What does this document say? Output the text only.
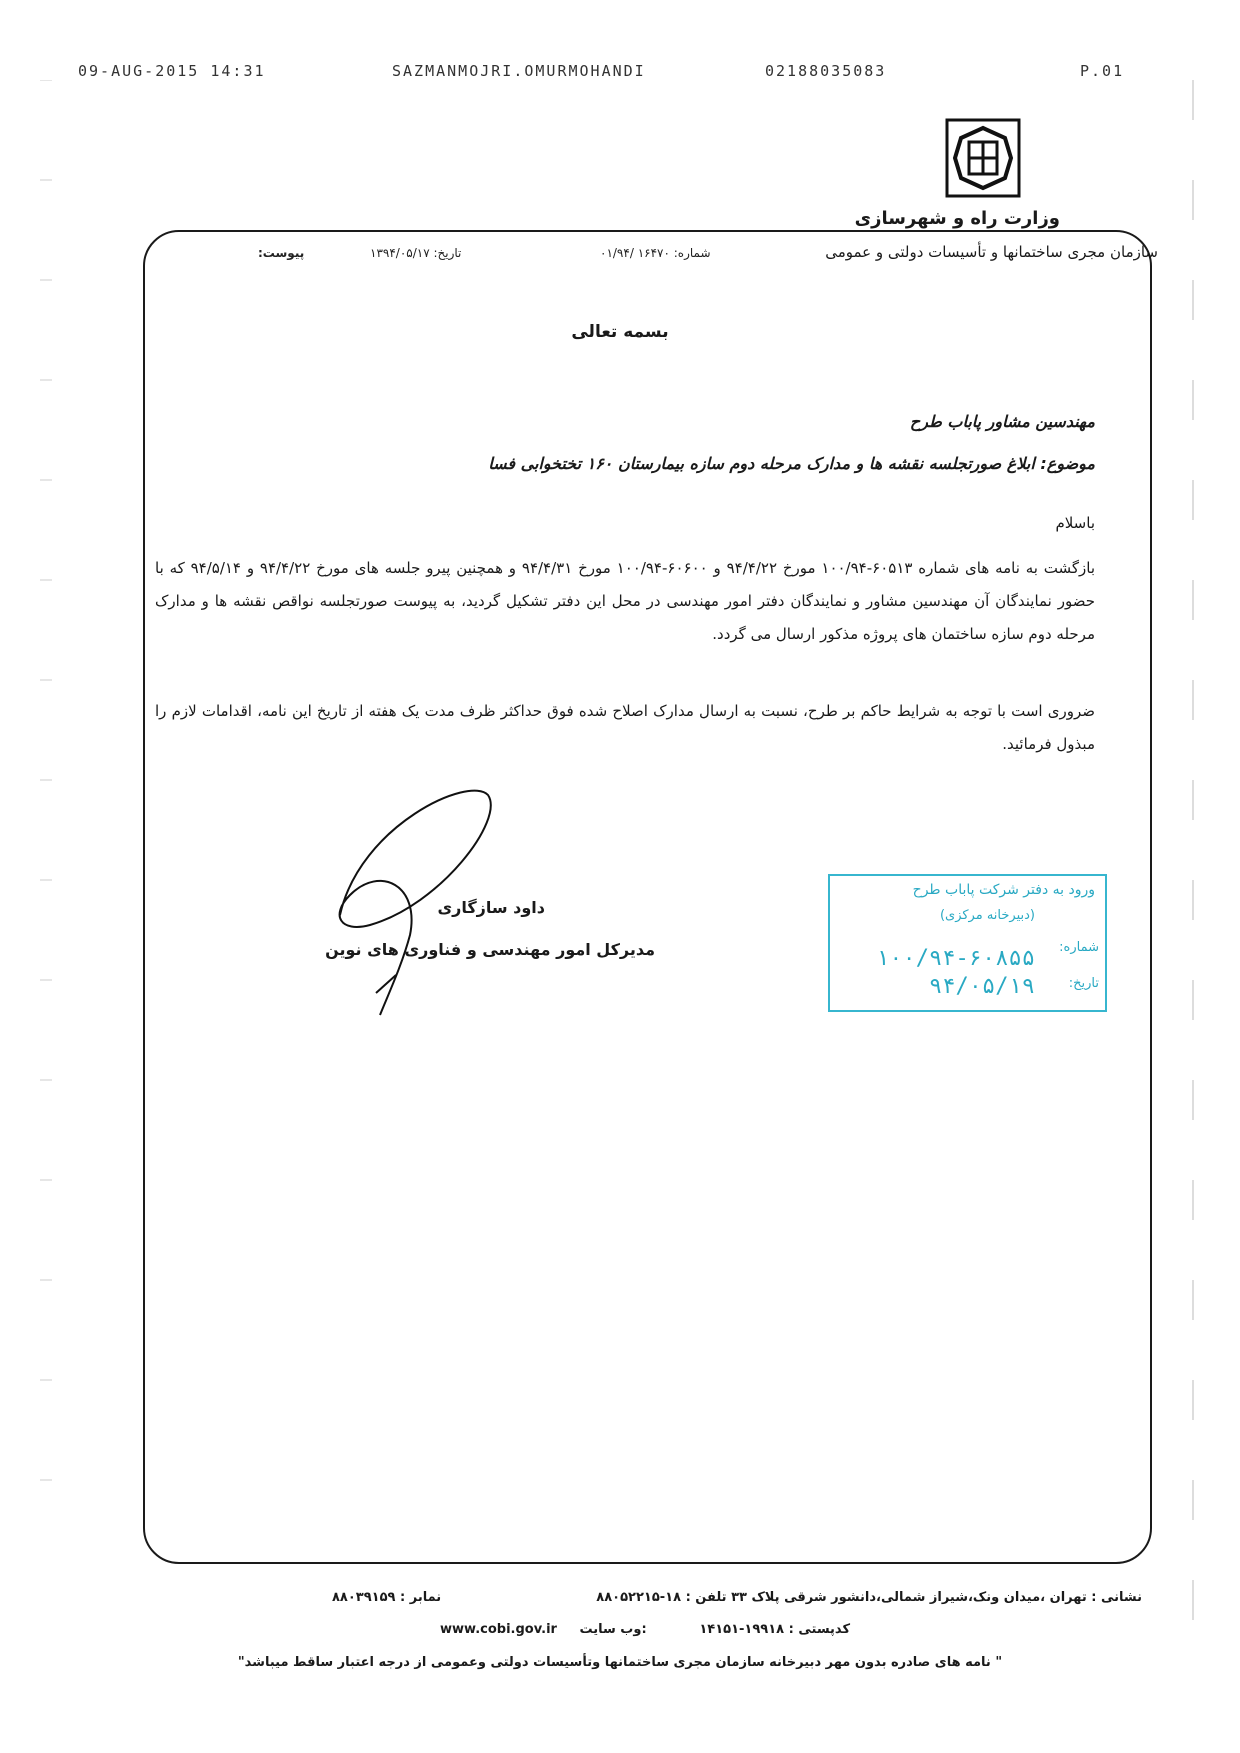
09-AUG-2015 14:31	SAZMANMOJRI.OMURMOHANDI	02188035083	P.01
وزارت راه و شهرسازی
سازمان مجری ساختمانها و تأسیسات دولتی و عمومی
شماره: ۱۶۴۷۰ /۰۱/۹۴
تاریخ: ۱۳۹۴/۰۵/۱۷
پیوست:
بسمه تعالی
مهندسین مشاور پاباب طرح
موضوع: ابلاغ صورتجلسه نقشه ها و مدارک مرحله دوم سازه بیمارستان ۱۶۰ تختخوابی فسا
باسلام
بازگشت به نامه های شماره ۶۰۵۱۳-۱۰۰/۹۴ مورخ ۹۴/۴/۲۲ و ۶۰۶۰۰-۱۰۰/۹۴ مورخ ۹۴/۴/۳۱ و همچنین پیرو جلسه های مورخ ۹۴/۴/۲۲ و ۹۴/۵/۱۴ که با حضور نمایندگان آن مهندسین مشاور و نمایندگان دفتر امور مهندسی در محل این دفتر تشکیل گردید، به پیوست صورتجلسه نواقص نقشه ها و مدارک مرحله دوم سازه ساختمان های پروژه مذکور ارسال می گردد.
ضروری است با توجه به شرایط حاکم بر طرح، نسبت به ارسال مدارک اصلاح شده فوق حداکثر ظرف مدت یک هفته از تاریخ این نامه، اقدامات لازم را مبذول فرمائید.
داود سازگاری
مدیرکل امور مهندسی و فناوری های نوین
ورود به دفتر شرکت پاباب طرح
(دبیرخانه مرکزی)
شماره:
۱۰۰/۹۴-۶۰۸۵۵
تاریخ:
۹۴/۰۵/۱۹
نشانی : تهران ،میدان ونک،شیراز شمالی،دانشور شرقی پلاک ۳۳ تلفن : ۱۸-۸۸۰۵۲۲۱۵
نمابر : ۸۸۰۳۹۱۵۹
کدپستی : ۱۹۹۱۸-۱۴۱۵۱
www.cobi.gov.ir وب سایت:
" نامه های صادره بدون مهر دبیرخانه سازمان مجری ساختمانها وتأسیسات دولتی وعمومی از درجه اعتبار ساقط میباشد"
